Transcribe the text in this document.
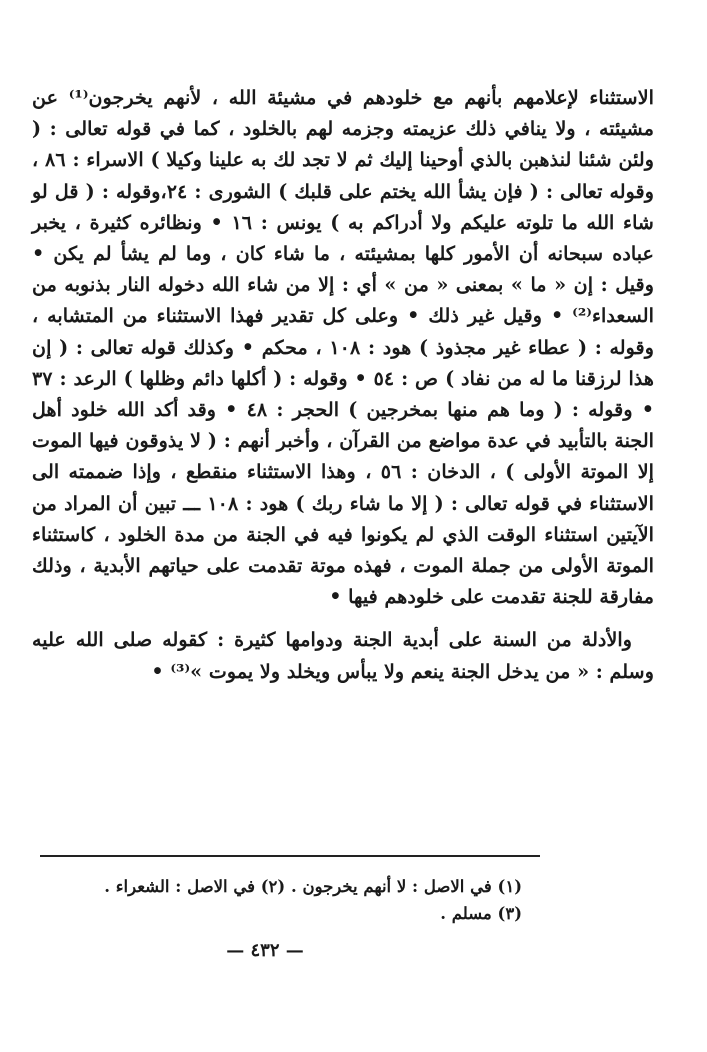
الاستثناء لإعلامهم بأنهم مع خلودهم في مشيئة الله ، لأنهم يخرجون⁽¹⁾ عن مشيئته ، ولا ينافي ذلك عزيمته وجزمه لهم بالخلود ، كما في قوله تعالى : ( ولئن شئنا لنذهبن بالذي أوحينا إليك ثم لا تجد لك به علينا وكيلا ) الاسراء : ٨٦ ، وقوله تعالى : ( فإن يشأ الله يختم على قلبك ) الشورى : ٢٤،وقوله : ( قل لو شاء الله ما تلوته عليكم ولا أدراكم به ) يونس : ١٦ • ونظائره كثيرة ، يخبر عباده سبحانه أن الأمور كلها بمشيئته ، ما شاء كان ، وما لم يشأ لم يكن • وقيل : إن « ما » بمعنى « من » أي : إلا من شاء الله دخوله النار بذنوبه من السعداء⁽²⁾ • وقيل غير ذلك • وعلى كل تقدير فهذا الاستثناء من المتشابه ، وقوله : ( عطاء غير مجذوذ ) هود : ١٠٨ ، محكم • وكذلك قوله تعالى : ( إن هذا لرزقنا ما له من نفاد ) ص : ٥٤ • وقوله : ( أكلها دائم وظلها ) الرعد : ٣٧ • وقوله : ( وما هم منها بمخرجين ) الحجر : ٤٨ • وقد أكد الله خلود أهل الجنة بالتأبيد في عدة مواضع من القرآن ، وأخبر أنهم : ( لا يذوقون فيها الموت إلا الموتة الأولى ) ، الدخان : ٥٦ ، وهذا الاستثناء منقطع ، وإذا ضممته الى الاستثناء في قوله تعالى : ( إلا ما شاء ربك ) هود : ١٠٨ ـــ تبين أن المراد من الآيتين استثناء الوقت الذي لم يكونوا فيه في الجنة من مدة الخلود ، كاستثناء الموتة الأولى من جملة الموت ، فهذه موتة تقدمت على حياتهم الأبدية ، وذلك مفارقة للجنة تقدمت على خلودهم فيها •

والأدلة من السنة على أبدية الجنة ودوامها كثيرة : كقوله صلى الله عليه وسلم : « من يدخل الجنة ينعم ولا يبأس ويخلد ولا يموت »⁽³⁾ •

(١) في الاصل : لا أنهم يخرجون . (٢) في الاصل : الشعراء .
(٣) مسلم .
— ٤٣٢ —
